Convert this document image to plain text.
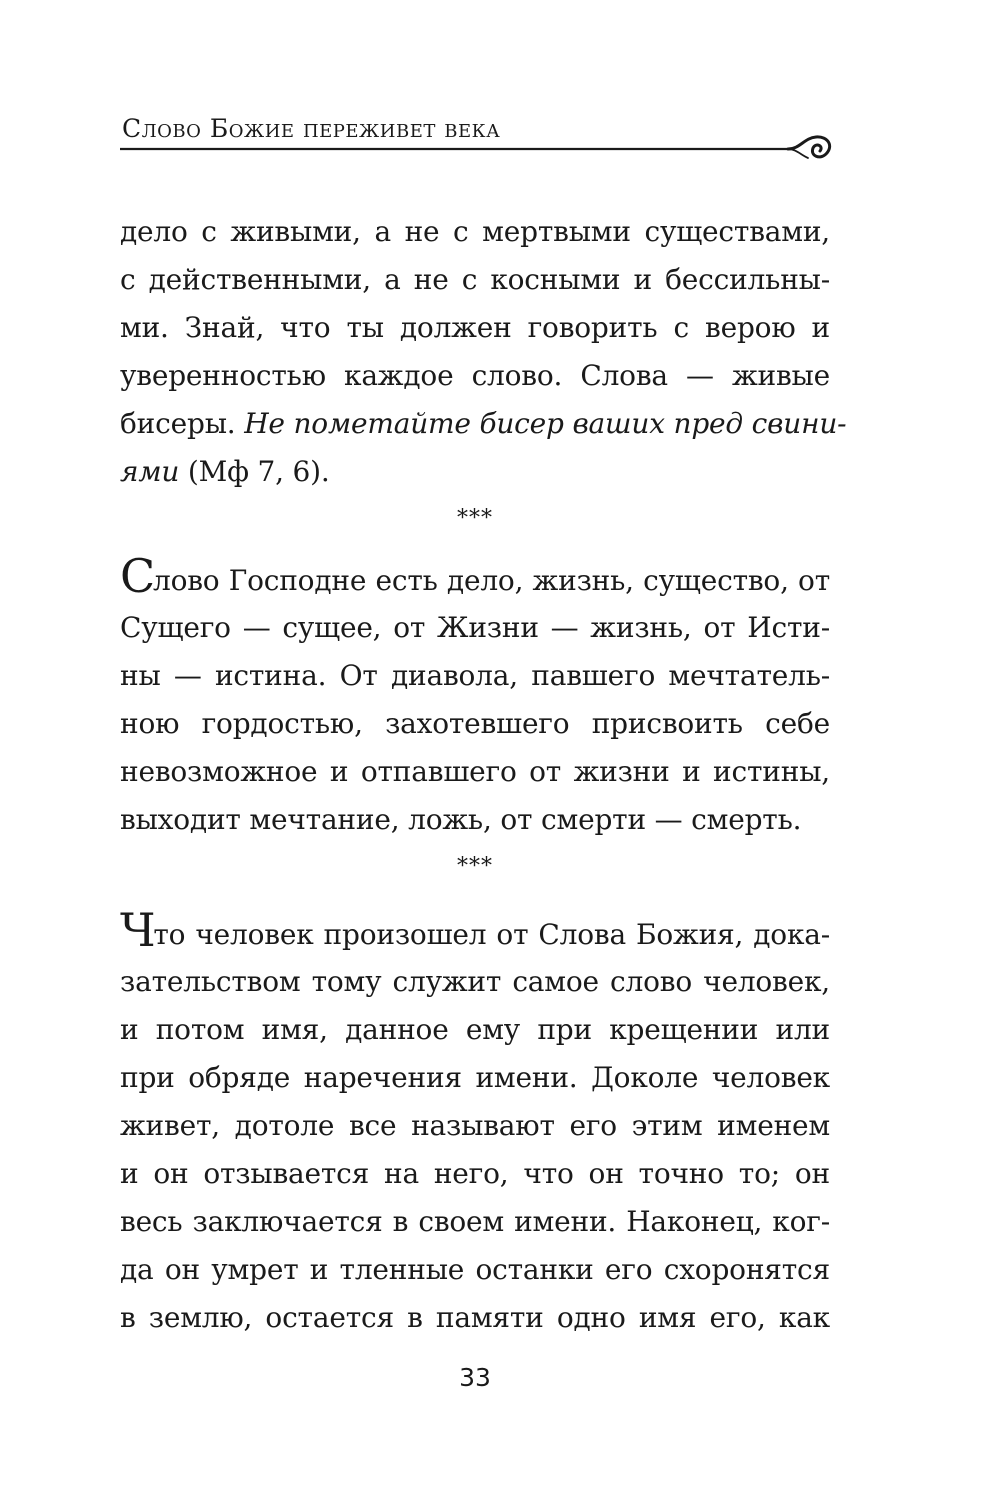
Слово Божие переживет века
дело с живыми, а не с мертвыми существами,
с действенными, а не с косными и бессильны-
ми. Знай, что ты должен говорить с верою и
уверенностью каждое слово. Слова — живые
бисеры. Не пометайте бисер ваших пред свини-
ями (Мф 7, 6).
***
Слово Господне есть дело, жизнь, существо, от
Сущего — сущее, от Жизни — жизнь, от Исти-
ны — истина. От диавола, павшего мечтатель-
ною гордостью, захотевшего присвоить себе
невозможное и отпавшего от жизни и истины,
выходит мечтание, ложь, от смерти — смерть.
***
Что человек произошел от Слова Божия, дока-
зательством тому служит самое слово человек,
и потом имя, данное ему при крещении или
при обряде наречения имени. Доколе человек
живет, дотоле все называют его этим именем
и он отзывается на него, что он точно то; он
весь заключается в своем имени. Наконец, ког-
да он умрет и тленные останки его схоронятся
в землю, остается в памяти одно имя его, как
33
